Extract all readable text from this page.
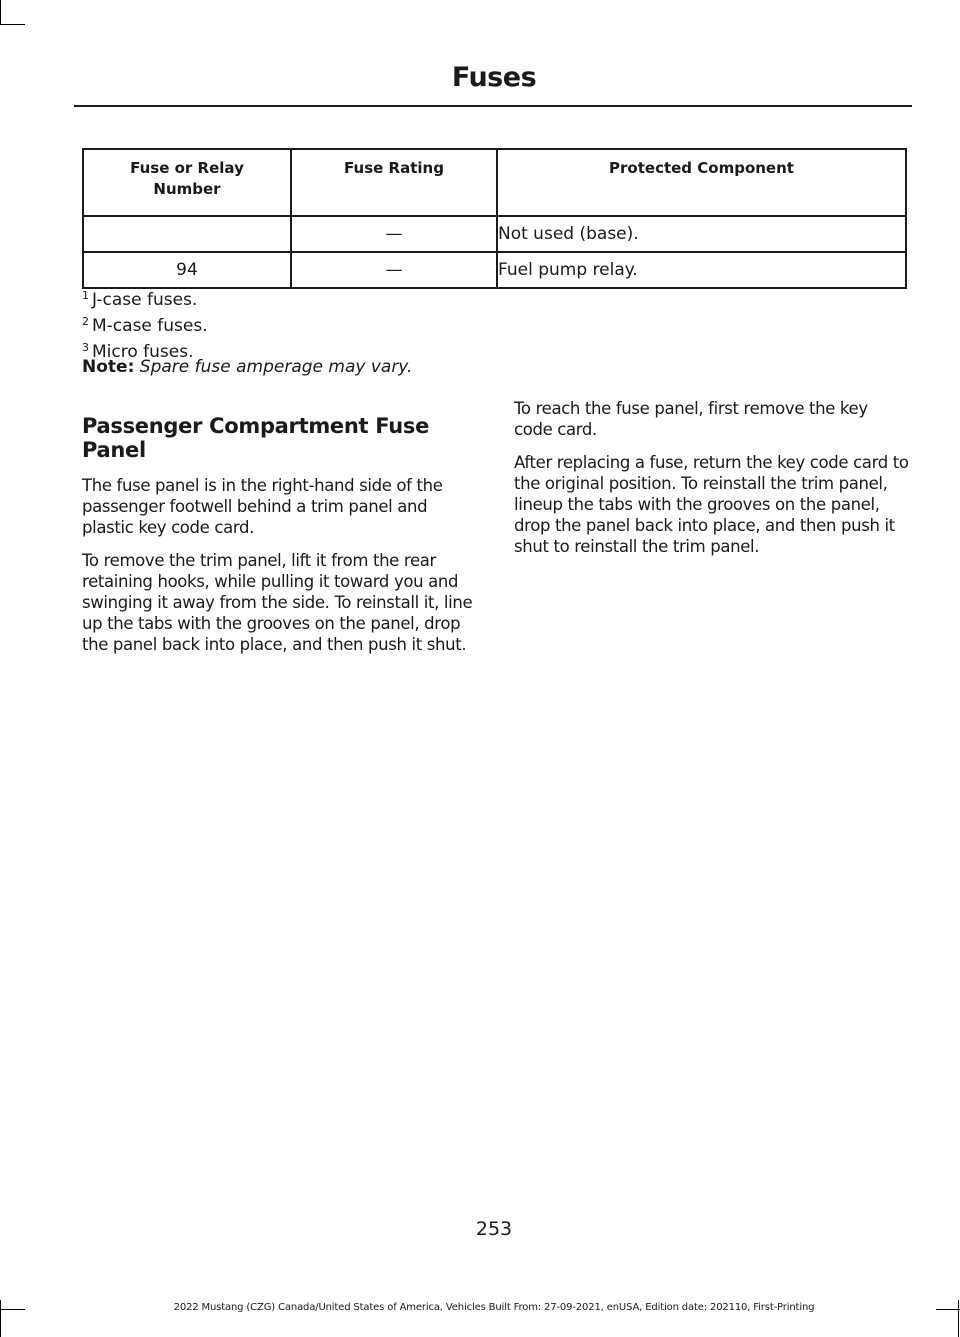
Fuses
Fuse or Relay Number	Fuse Rating	Protected Component
	—	Not used (base).
94	—	Fuel pump relay.
$^1$ J-case fuses.
$^2$ M-case fuses.
$^3$ Micro fuses.
Note: Spare fuse amperage may vary.
Passenger Compartment Fuse Panel

The fuse panel is in the right-hand side of the passenger footwell behind a trim panel and plastic key code card.

To remove the trim panel, lift it from the rear retaining hooks, while pulling it toward you and swinging it away from the side. To reinstall it, line up the tabs with the grooves on the panel, drop the panel back into place, and then push it shut.

To reach the fuse panel, first remove the key code card.

After replacing a fuse, return the key code card to the original position. To reinstall the trim panel, lineup the tabs with the grooves on the panel, drop the panel back into place, and then push it shut to reinstall the trim panel.

253
2022 Mustang (CZG) Canada/United States of America, Vehicles Built From: 27-09-2021, enUSA, Edition date: 202110, First-Printing
